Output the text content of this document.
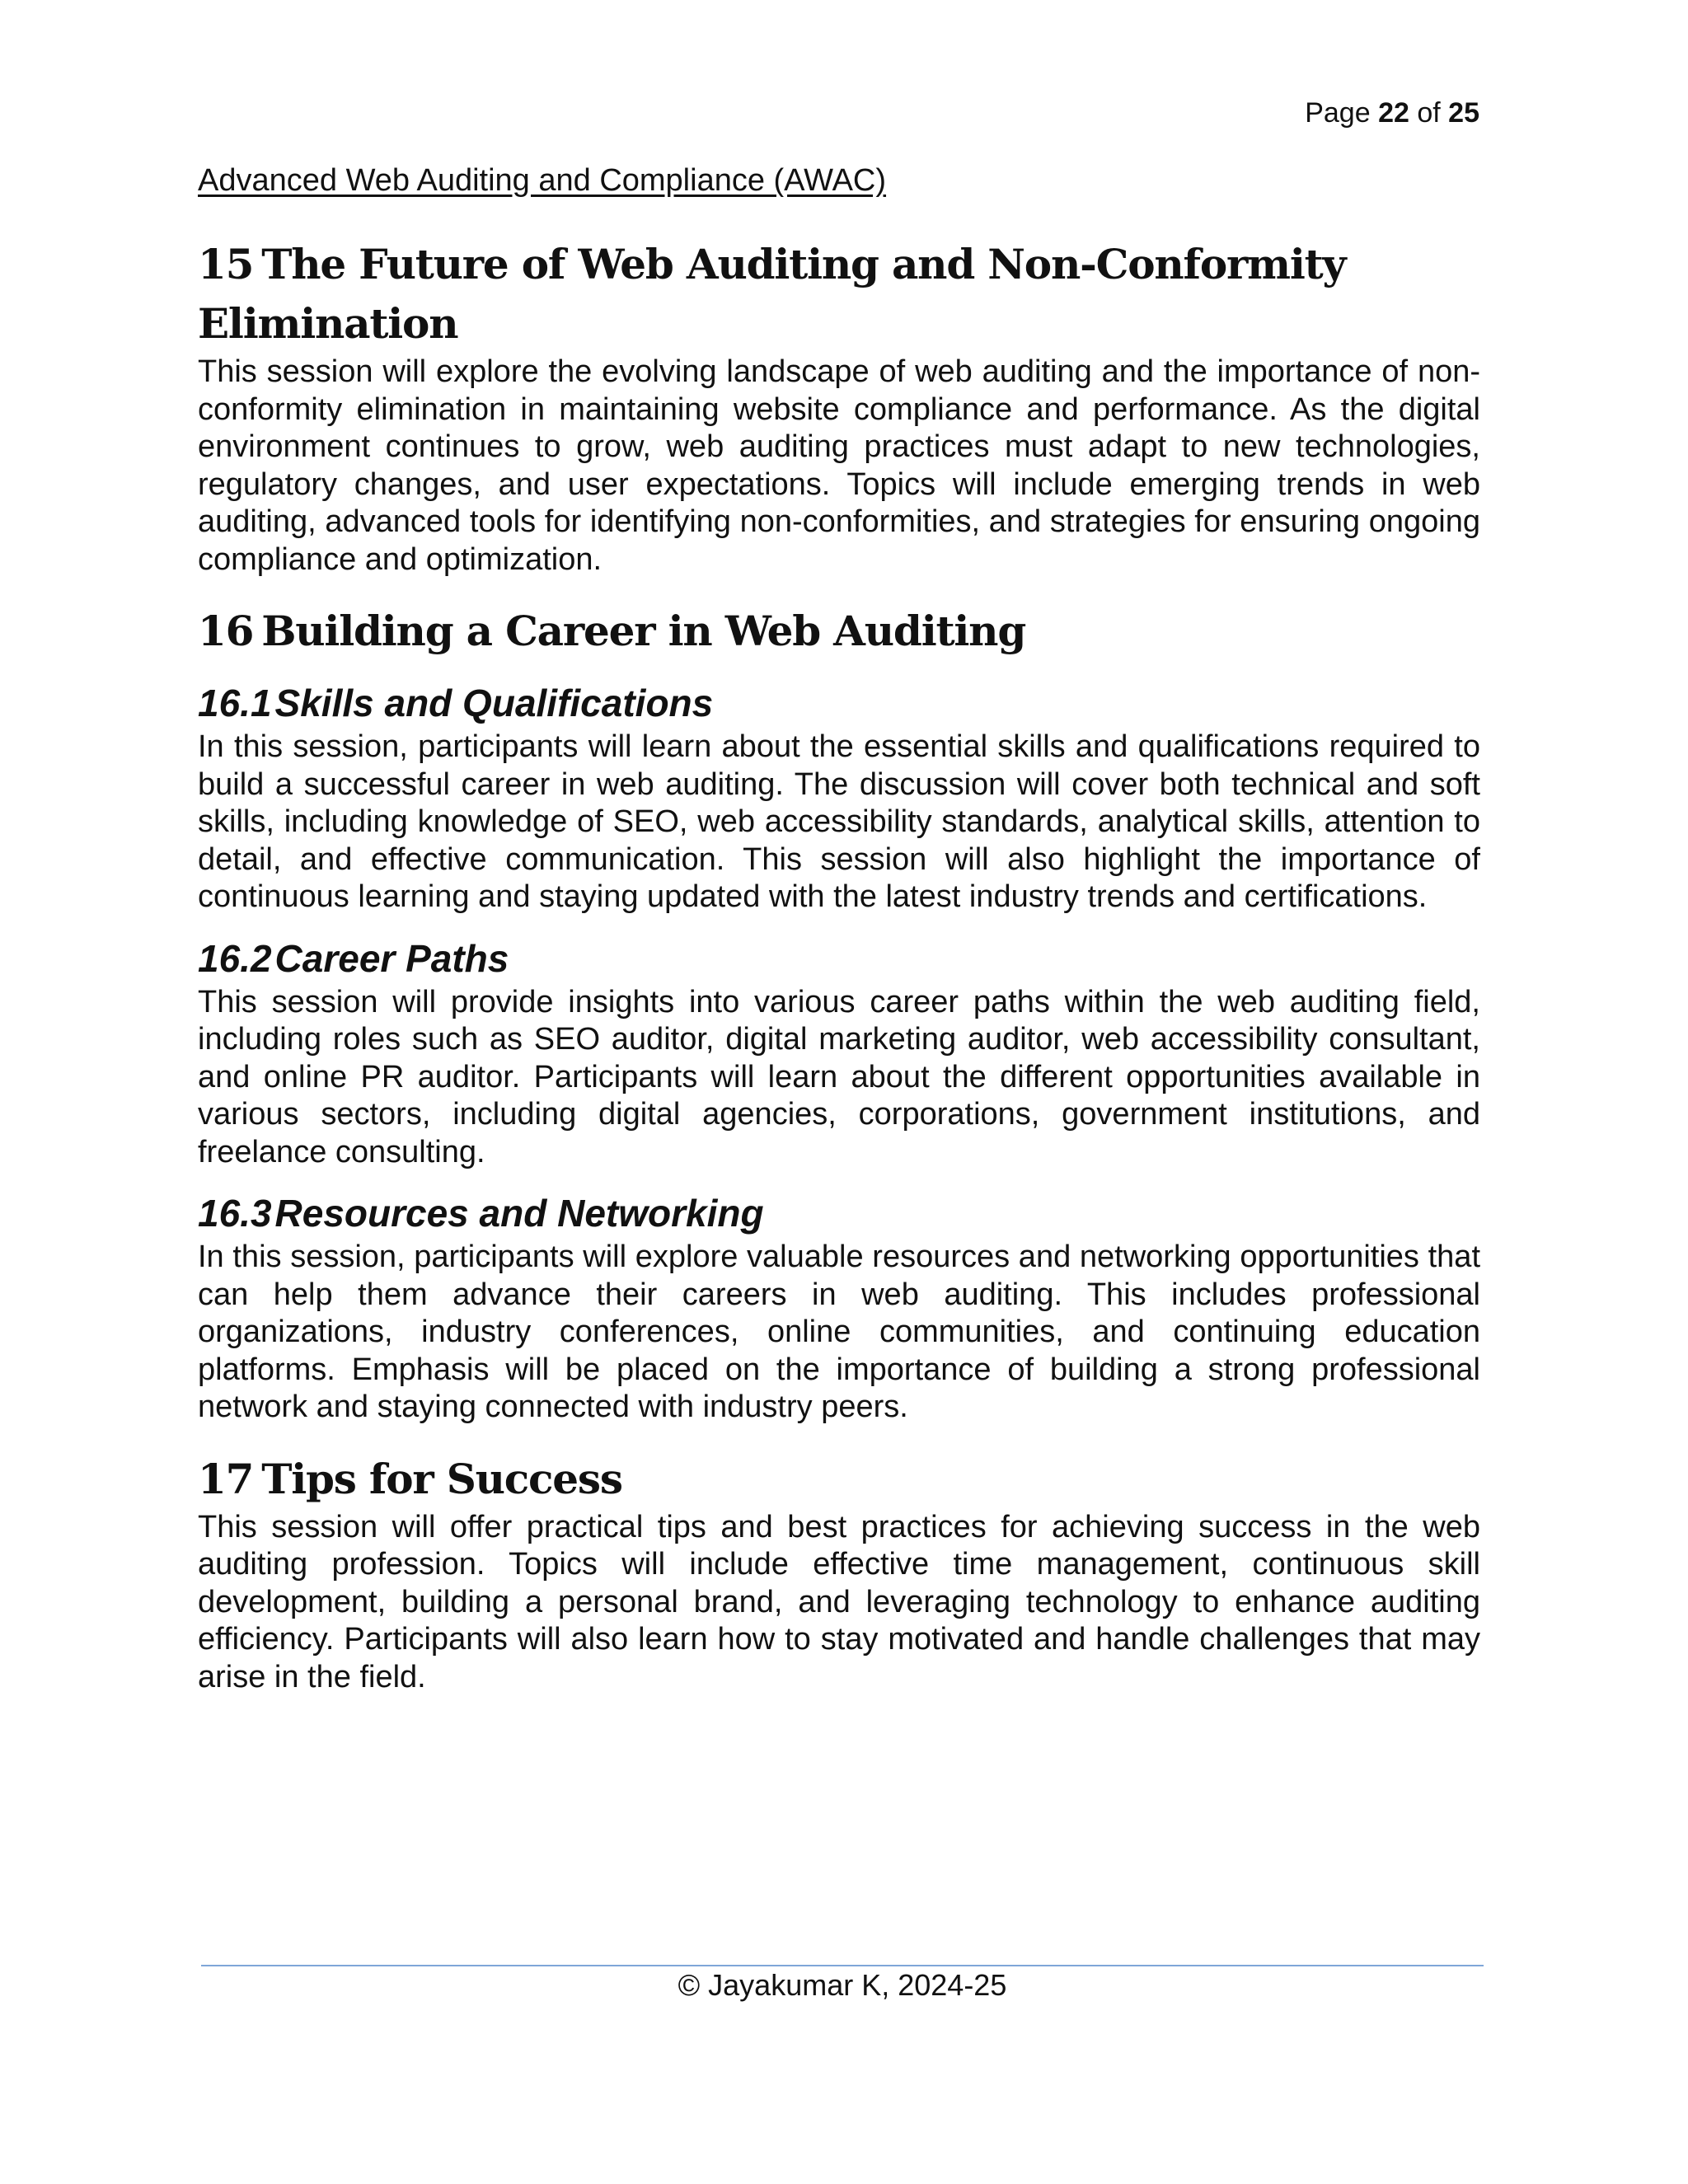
Page 22 of 25
Advanced Web Auditing and Compliance (AWAC)
15 The Future of Web Auditing and Non-Conformity Elimination

This session will explore the evolving landscape of web auditing and the importance of non-conformity elimination in maintaining website compliance and performance. As the digital environment continues to grow, web auditing practices must adapt to new technologies, regulatory changes, and user expectations. Topics will include emerging trends in web auditing, advanced tools for identifying non-conformities, and strategies for ensuring ongoing compliance and optimization.

16 Building a Career in Web Auditing
16.1Skills and Qualifications

In this session, participants will learn about the essential skills and qualifications required to build a successful career in web auditing. The discussion will cover both technical and soft skills, including knowledge of SEO, web accessibility standards, analytical skills, attention to detail, and effective communication. This session will also highlight the importance of continuous learning and staying updated with the latest industry trends and certifications.

16.2Career Paths

This session will provide insights into various career paths within the web auditing field, including roles such as SEO auditor, digital marketing auditor, web accessibility consultant, and online PR auditor. Participants will learn about the different opportunities available in various sectors, including digital agencies, corporations, government institutions, and freelance consulting.

16.3Resources and Networking

In this session, participants will explore valuable resources and networking opportunities that can help them advance their careers in web auditing. This includes professional organizations, industry conferences, online communities, and continuing education platforms. Emphasis will be placed on the importance of building a strong professional network and staying connected with industry peers.

17 Tips for Success

This session will offer practical tips and best practices for achieving success in the web auditing profession. Topics will include effective time management, continuous skill development, building a personal brand, and leveraging technology to enhance auditing efficiency. Participants will also learn how to stay motivated and handle challenges that may arise in the field.

© Jayakumar K, 2024-25
